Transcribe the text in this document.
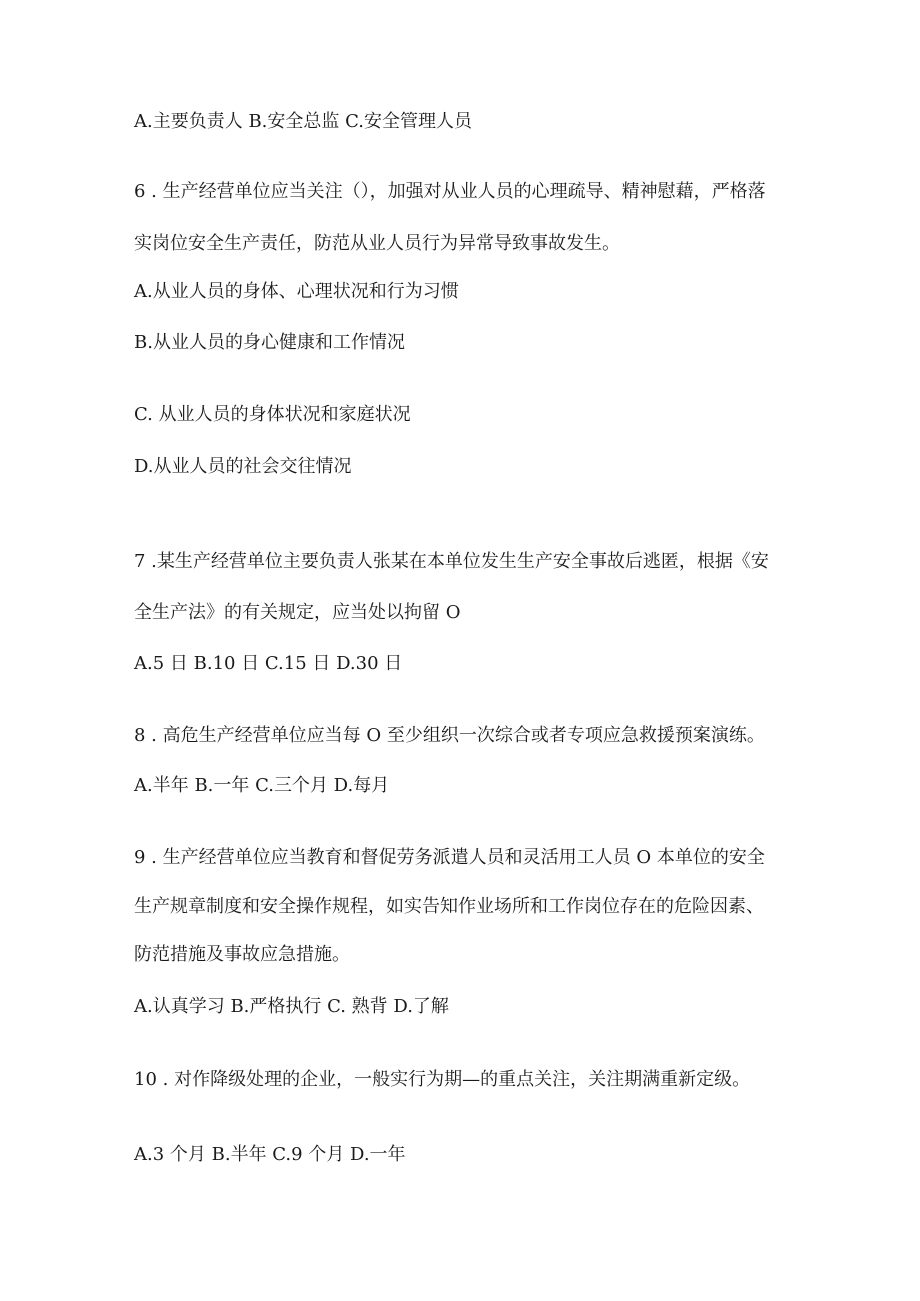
A.主要负责人 B.安全总监 C.安全管理人员

6 . 生产经营单位应当关注（），加强对从业人员的心理疏导、精神慰藉，严格落

实岗位安全生产责任，防范从业人员行为异常导致事故发生。

A.从业人员的身体、心理状况和行为习惯

B.从业人员的身心健康和工作情况

C. 从业人员的身体状况和家庭状况

D.从业人员的社会交往情况

7 .某生产经营单位主要负责人张某在本单位发生生产安全事故后逃匿，根据《安

全生产法》的有关规定，应当处以拘留 O

A.5 日 B.10 日 C.15 日 D.30 日

8 . 高危生产经营单位应当每 O 至少组织一次综合或者专项应急救援预案演练。

A.半年 B.一年 C.三个月 D.每月

9 . 生产经营单位应当教育和督促劳务派遣人员和灵活用工人员 O 本单位的安全

生产规章制度和安全操作规程，如实告知作业场所和工作岗位存在的危险因素、

防范措施及事故应急措施。

A.认真学习 B.严格执行 C. 熟背 D.了解

10 . 对作降级处理的企业，一般实行为期—的重点关注，关注期满重新定级。

A.3 个月 B.半年 C.9 个月 D.一年
